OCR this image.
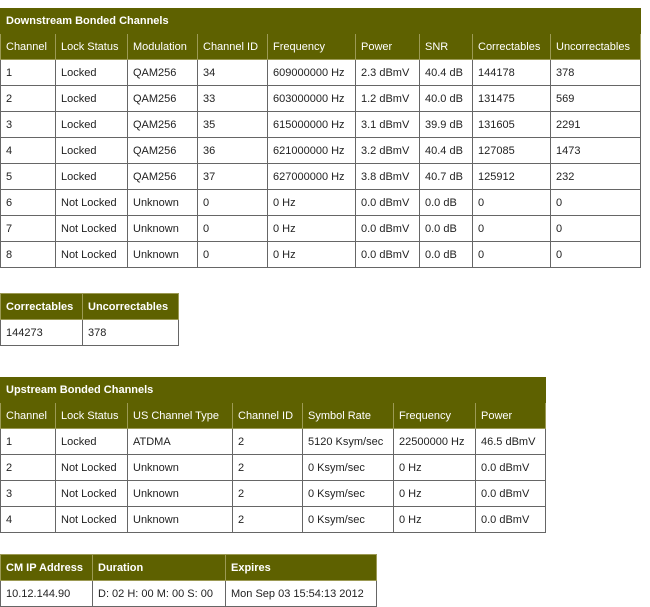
Downstream Bonded Channels								
Channel	Lock Status	Modulation	Channel ID	Frequency	Power	SNR	Correctables	Uncorrectables
1	Locked	QAM256	34	609000000 Hz	2.3 dBmV	40.4 dB	144178	378
2	Locked	QAM256	33	603000000 Hz	1.2 dBmV	40.0 dB	131475	569
3	Locked	QAM256	35	615000000 Hz	3.1 dBmV	39.9 dB	131605	2291
4	Locked	QAM256	36	621000000 Hz	3.2 dBmV	40.4 dB	127085	1473
5	Locked	QAM256	37	627000000 Hz	3.8 dBmV	40.7 dB	125912	232
6	Not Locked	Unknown	0	0 Hz	0.0 dBmV	0.0 dB	0	0
7	Not Locked	Unknown	0	0 Hz	0.0 dBmV	0.0 dB	0	0
8	Not Locked	Unknown	0	0 Hz	0.0 dBmV	0.0 dB	0	0
Correctables	Uncorrectables
144273	378
Upstream Bonded Channels						
Channel	Lock Status	US Channel Type	Channel ID	Symbol Rate	Frequency	Power
1	Locked	ATDMA	2	5120 Ksym/sec	22500000 Hz	46.5 dBmV
2	Not Locked	Unknown	2	0 Ksym/sec	0 Hz	0.0 dBmV
3	Not Locked	Unknown	2	0 Ksym/sec	0 Hz	0.0 dBmV
4	Not Locked	Unknown	2	0 Ksym/sec	0 Hz	0.0 dBmV
CM IP Address	Duration	Expires
10.12.144.90	D: 02 H: 00 M: 00 S: 00	Mon Sep 03 15:54:13 2012
